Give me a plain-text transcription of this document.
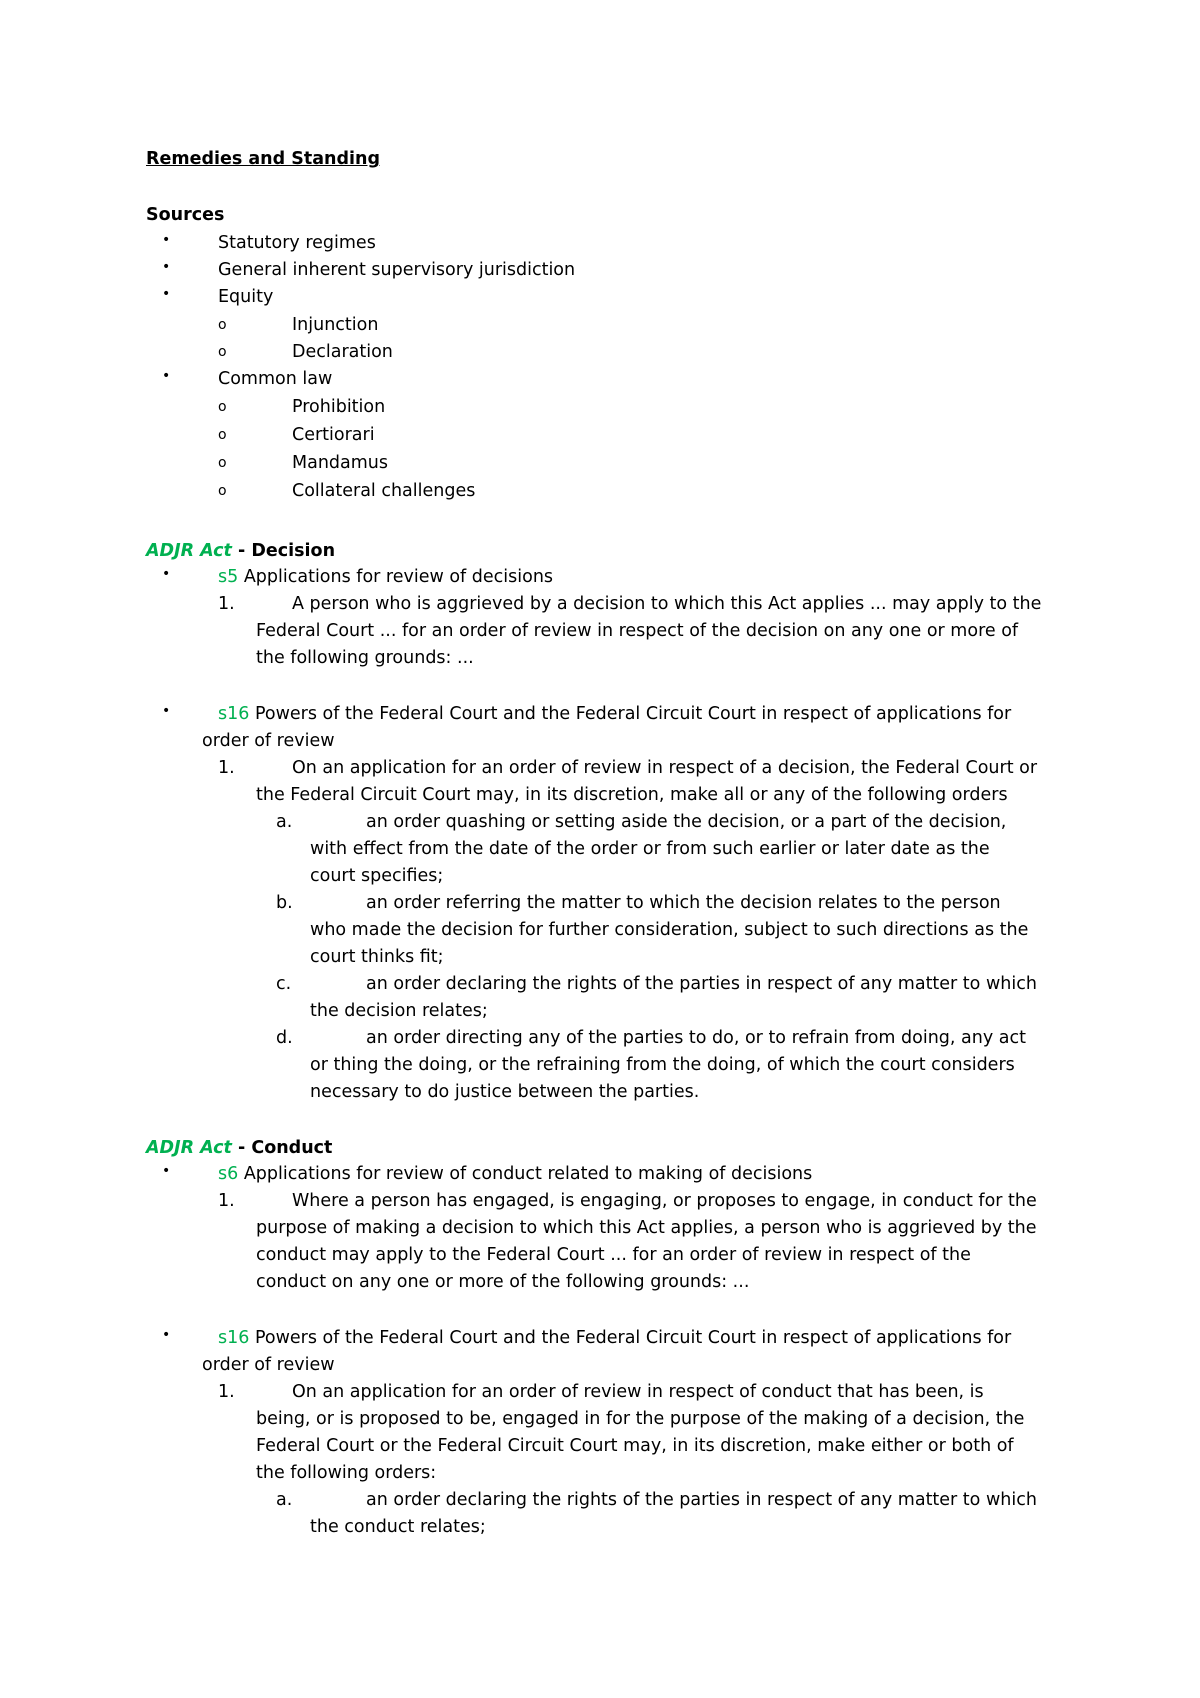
Remedies and Standing
Sources
•	Statutory regimes
•	General inherent supervisory jurisdiction
•	Equity
o	Injunction
o	Declaration
•	Common law
o	Prohibition
o	Certiorari
o	Mandamus
o	Collateral challenges
ADJR Act - Decision
•	s5 Applications for review of decisions
1.	A person who is aggrieved by a decision to which this Act applies ... may apply to the
Federal Court ... for an order of review in respect of the decision on any one or more of
the following grounds: ...
•	s16 Powers of the Federal Court and the Federal Circuit Court in respect of applications for
order of review
1.	On an application for an order of review in respect of a decision, the Federal Court or
the Federal Circuit Court may, in its discretion, make all or any of the following orders
a.	an order quashing or setting aside the decision, or a part of the decision,
with effect from the date of the order or from such earlier or later date as the
court specifies;
b.	an order referring the matter to which the decision relates to the person
who made the decision for further consideration, subject to such directions as the
court thinks fit;
c.	an order declaring the rights of the parties in respect of any matter to which
the decision relates;
d.	an order directing any of the parties to do, or to refrain from doing, any act
or thing the doing, or the refraining from the doing, of which the court considers
necessary to do justice between the parties.
ADJR Act - Conduct
•	s6 Applications for review of conduct related to making of decisions
1.	Where a person has engaged, is engaging, or proposes to engage, in conduct for the
purpose of making a decision to which this Act applies, a person who is aggrieved by the
conduct may apply to the Federal Court ... for an order of review in respect of the
conduct on any one or more of the following grounds: ...
•	s16 Powers of the Federal Court and the Federal Circuit Court in respect of applications for
order of review
1.	On an application for an order of review in respect of conduct that has been, is
being, or is proposed to be, engaged in for the purpose of the making of a decision, the
Federal Court or the Federal Circuit Court may, in its discretion, make either or both of
the following orders:
a.	an order declaring the rights of the parties in respect of any matter to which
the conduct relates;
